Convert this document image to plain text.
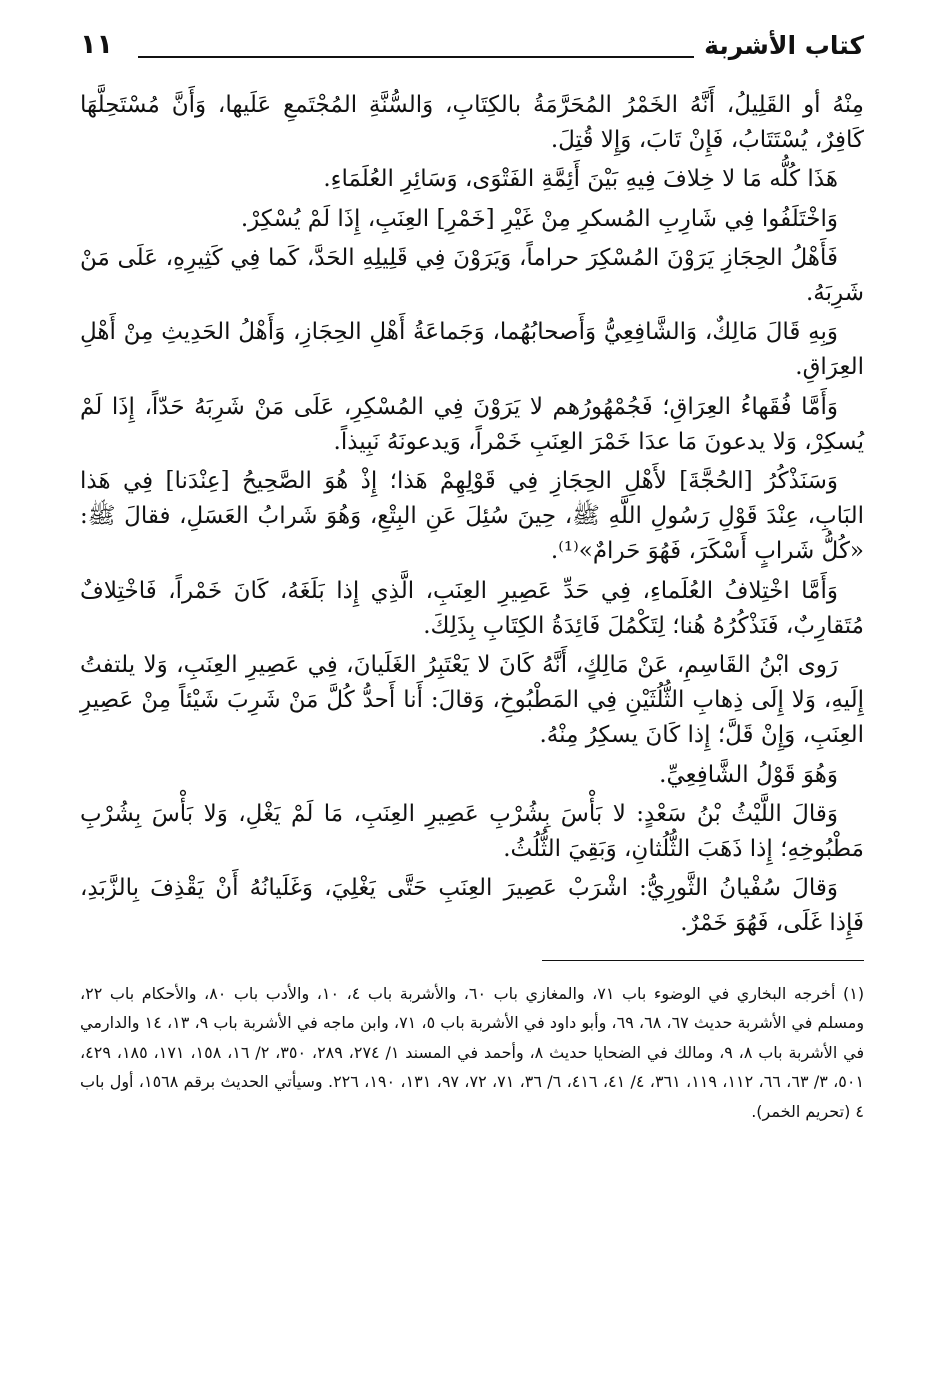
كتاب الأشربة
١١

مِنْهُ أو القَلِيلُ، أَنَّهُ الخَمْرُ المُحَرَّمَةُ بالكِتَابِ، وَالسُّنَّةِ المُجْتَمعِ عَلَيها، وَأَنَّ مُسْتَحِلَّهَا كَافِرٌ، يُسْتَتَابُ، فَإِنْ تَابَ، وَإِلا قُتِلَ.

هَذَا كُلُّه مَا لا خِلافَ فِيهِ بَيْنَ أَئِمَّةِ الفَتْوَى، وَسَائِرِ العُلَمَاءِ.

وَاخْتَلَفُوا فِي شَارِبِ المُسكرِ مِنْ غَيْرِ [خَمْرِ] العِنَبِ، إِذَا لَمْ يُسْكِرْ.

فَأَهْلُ الحِجَازِ يَرَوْنَ المُسْكِرَ حراماً، وَيَرَوْنَ فِي قَلِيلِهِ الحَدَّ، كَما فِي كَثِيرِهِ، عَلَى مَنْ شَرِبَهُ.

وَبِهِ قَالَ مَالِكٌ، وَالشَّافِعِيُّ وَأَصحابُهُما، وَجَماعَةُ أَهْلِ الحِجَازِ، وَأَهْلُ الحَدِيثِ مِنْ أَهْلِ العِرَاقِ.

وَأَمَّا فُقَهاءُ العِرَاقِ؛ فَجُمْهُورُهم لا يَرَوْنَ فِي المُسْكِرِ، عَلَى مَنْ شَرِبَهُ حَدّاً، إِذَا لَمْ يُسكِرْ، وَلا يدعونَ مَا عدَا خَمْرَ العِنَبِ خَمْراً، وَيدعونَهُ نَبِيذاً.

وَسَنَذْكُرُ [الحُجَّةَ] لأَهْلِ الحِجَازِ فِي قَوْلِهِمْ هَذا؛ إِذْ هُوَ الصَّحِيحُ [عِنْدَنا] فِي هَذا البَابِ، عِنْدَ قَوْلِ رَسُولِ اللَّهِ ﷺ، حِينَ سُئِلَ عَنِ البِتْعِ، وَهُوَ شَرابُ العَسَلِ، فقالَ ﷺ: «كُلُّ شَرابٍ أَسْكَرَ، فَهُوَ حَرامٌ»⁽¹⁾.

وَأَمَّا اخْتِلافُ العُلَماءِ، فِي حَدِّ عَصِيرِ العِنَبِ، الَّذِي إِذا بَلَغَهُ، كَانَ خَمْراً، فَاخْتِلافٌ مُتَقارِبٌ، فَنَذْكُرُهُ هُنا؛ لِتَكْمُلَ فَائِدَةُ الكِتَابِ بِذَلِكَ.

رَوى ابْنُ القَاسِمِ، عَنْ مَالِكٍ، أَنَّهُ كَانَ لا يَعْتَبِرُ الغَلَيانَ، فِي عَصِيرِ العِنَبِ، وَلا يلتفتُ إِلَيهِ، وَلا إِلَى ذِهابِ الثُّلُثَيْنِ فِي المَطْبُوخِ، وَقالَ: أَنا أَحدُّ كُلَّ مَنْ شَرِبَ شَيْئاً مِنْ عَصِيرِ العِنَبِ، وَإِنْ قَلَّ؛ إِذا كَانَ يسكِرُ مِنْهُ.

وَهُوَ قَوْلُ الشَّافِعِيِّ.

وَقالَ اللَّيْثُ بْنُ سَعْدٍ: لا بَأْسَ بِشُرْبِ عَصِيرِ العِنَبِ، مَا لَمْ يَغْلِ، وَلا بَأْسَ بِشُرْبِ مَطْبُوخِهِ؛ إِذا ذَهَبَ الثُّلُثانِ، وَبَقِيَ الثُّلُثُ.

وَقالَ سُفْيانُ الثَّورِيُّ: اشْرَبْ عَصِيرَ العِنَبِ حَتَّى يَغْلِيَ، وَغَلَيانُهُ أَنْ يَقْذِفَ بِالزَّبَدِ، فَإِذا غَلَى، فَهُوَ خَمْرٌ.

(١) أخرجه البخاري في الوضوء باب ٧١، والمغازي باب ٦٠، والأشربة باب ٤، ١٠، والأدب باب ٨٠، والأحكام باب ٢٢، ومسلم في الأشربة حديث ٦٧، ٦٨، ٦٩، وأبو داود في الأشربة باب ٥، ٧١، وابن ماجه في الأشربة باب ٩، ١٣، ١٤ والدارمي في الأشربة باب ٨، ٩، ومالك في الضحايا حديث ٨، وأحمد في المسند ١/ ٢٧٤، ٢٨٩، ٣٥٠، ٢/ ١٦، ١٥٨، ١٧١، ١٨٥، ٤٢٩، ٥٠١، ٣/ ٦٣، ٦٦، ١١٢، ١١٩، ٣٦١، ٤/ ٤١، ٤١٦، ٦/ ٣٦، ٧١، ٧٢، ٩٧، ١٣١، ١٩٠، ٢٢٦. وسيأتي الحديث برقم ١٥٦٨، أول باب ٤ (تحريم الخمر).
